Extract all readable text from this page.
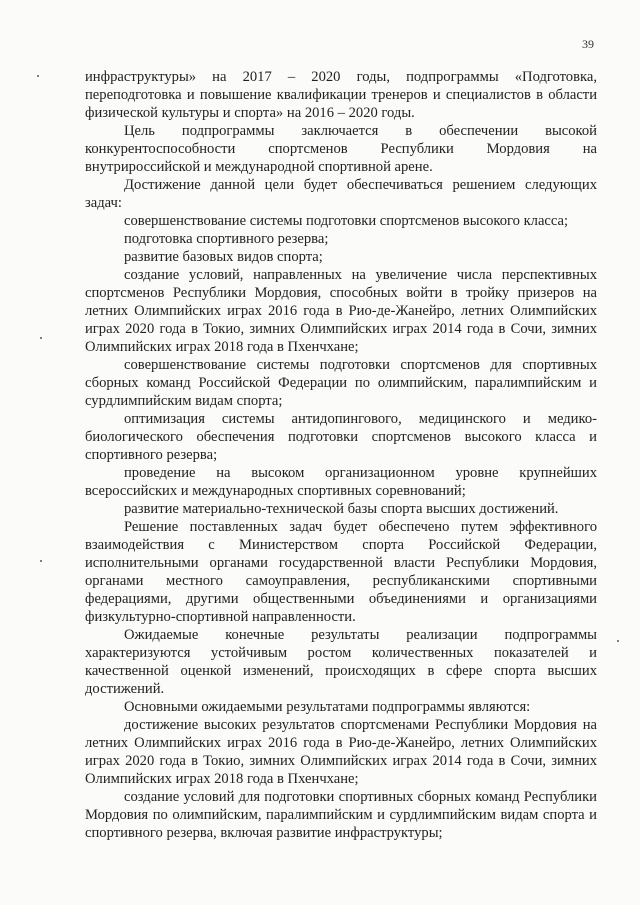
39

инфраструктуры» на 2017 – 2020 годы, подпрограммы «Подготовка, переподготовка и повышение квалификации тренеров и специалистов в области физической культуры и спорта» на 2016 – 2020 годы.

Цель подпрограммы заключается в обеспечении высокой конкурентоспособности спортсменов Республики Мордовия на внутрироссийской и международной спортивной арене.

Достижение данной цели будет обеспечиваться решением следующих задач:

совершенствование системы подготовки спортсменов высокого класса;

подготовка спортивного резерва;

развитие базовых видов спорта;

создание условий, направленных на увеличение числа перспективных спортсменов Республики Мордовия, способных войти в тройку призеров на летних Олимпийских играх 2016 года в Рио-де-Жанейро, летних Олимпийских играх 2020 года в Токио, зимних Олимпийских играх 2014 года в Сочи, зимних Олимпийских играх 2018 года в Пхенчхане;

совершенствование системы подготовки спортсменов для спортивных сборных команд Российской Федерации по олимпийским, паралимпийским и сурдлимпийским видам спорта;

оптимизация системы антидопингового, медицинского и медико-биологического обеспечения подготовки спортсменов высокого класса и спортивного резерва;

проведение на высоком организационном уровне крупнейших всероссийских и международных спортивных соревнований;

развитие материально-технической базы спорта высших достижений.

Решение поставленных задач будет обеспечено путем эффективного взаимодействия с Министерством спорта Российской Федерации, исполнительными органами государственной власти Республики Мордовия, органами местного самоуправления, республиканскими спортивными федерациями, другими общественными объединениями и организациями физкультурно-спортивной направленности.

Ожидаемые конечные результаты реализации подпрограммы характеризуются устойчивым ростом количественных показателей и качественной оценкой изменений, происходящих в сфере спорта высших достижений.

Основными ожидаемыми результатами подпрограммы являются:

достижение высоких результатов спортсменами Республики Мордовия на летних Олимпийских играх 2016 года в Рио-де-Жанейро, летних Олимпийских играх 2020 года в Токио, зимних Олимпийских играх 2014 года в Сочи, зимних Олимпийских играх 2018 года в Пхенчхане;

создание условий для подготовки спортивных сборных команд Республики Мордовия по олимпийским, паралимпийским и сурдлимпийским видам спорта и спортивного резерва, включая развитие инфраструктуры;
